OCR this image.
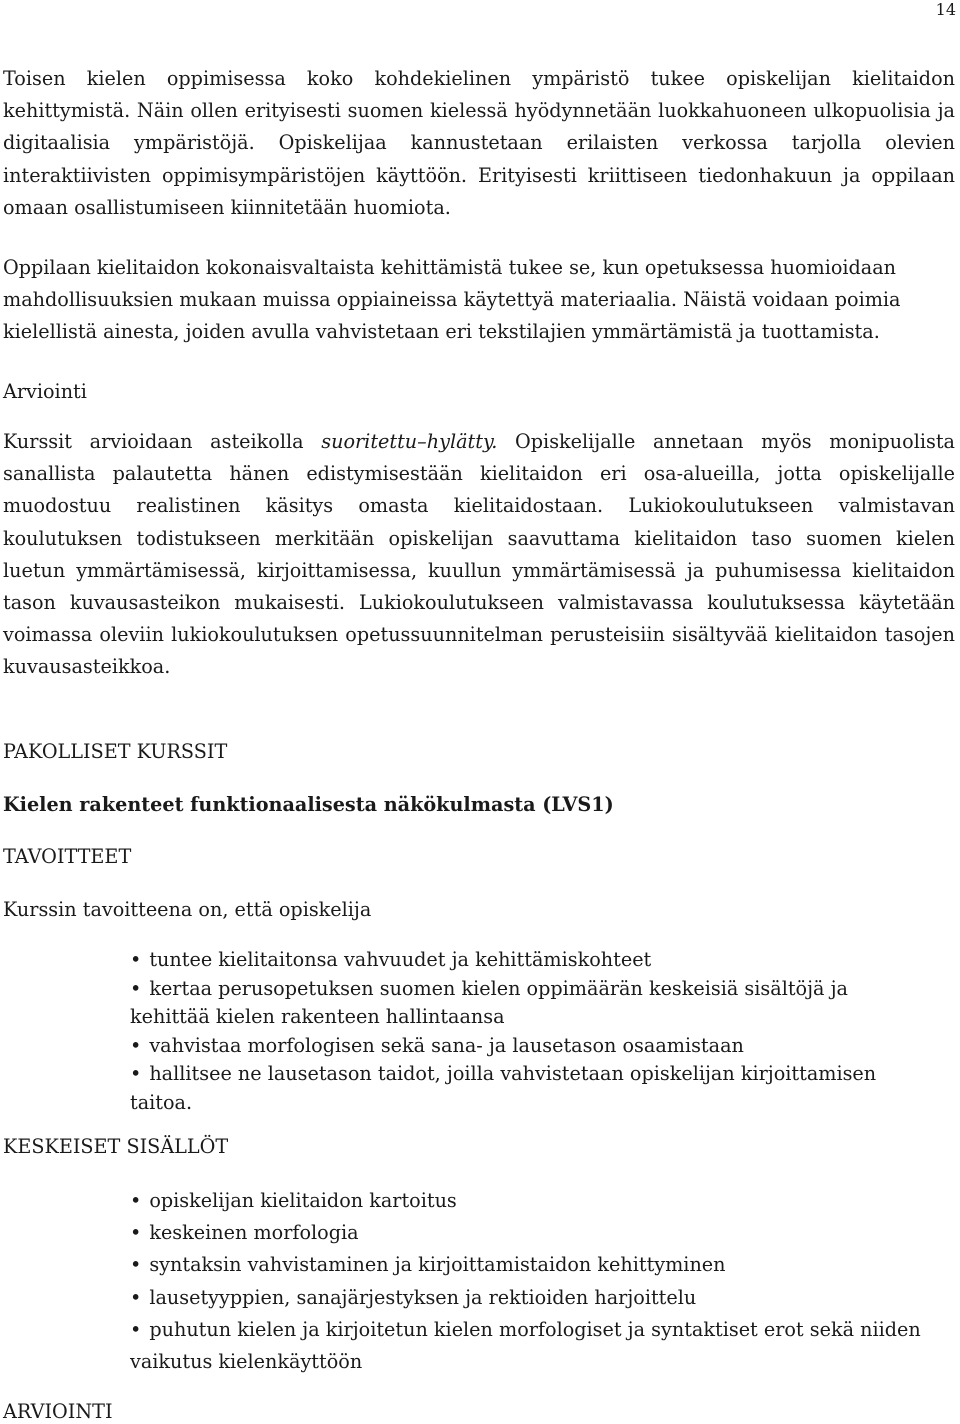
14
Toisen kielen oppimisessa koko kohdekielinen ympäristö tukee opiskelijan kielitaidon kehittymistä. Näin ollen erityisesti suomen kielessä hyödynnetään luokkahuoneen ulkopuolisia ja digitaalisia ympäristöjä. Opiskelijaa kannustetaan erilaisten verkossa tarjolla olevien interaktiivisten oppimisympäristöjen käyttöön. Erityisesti kriittiseen tiedonhakuun ja oppilaan omaan osallistumiseen kiinnitetään huomiota.
Oppilaan kielitaidon kokonaisvaltaista kehittämistä tukee se, kun opetuksessa huomioidaan mahdollisuuksien mukaan muissa oppiaineissa käytettyä materiaalia. Näistä voidaan poimia kielellistä ainesta, joiden avulla vahvistetaan eri tekstilajien ymmärtämistä ja tuottamista.
Arviointi
Kurssit arvioidaan asteikolla suoritettu–hylätty. Opiskelijalle annetaan myös monipuolista sanallista palautetta hänen edistymisestään kielitaidon eri osa-alueilla, jotta opiskelijalle muodostuu realistinen käsitys omasta kielitaidostaan. Lukiokoulutukseen valmistavan koulutuksen todistukseen merkitään opiskelijan saavuttama kielitaidon taso suomen kielen luetun ymmärtämisessä, kirjoittamisessa, kuullun ymmärtämisessä ja puhumisessa kielitaidon tason kuvausasteikon mukaisesti. Lukiokoulutukseen valmistavassa koulutuksessa käytetään voimassa oleviin lukiokoulutuksen opetussuunnitelman perusteisiin sisältyvää kielitaidon tasojen kuvausasteikkoa.
PAKOLLISET KURSSIT
Kielen rakenteet funktionaalisesta näkökulmasta (LVS1)
TAVOITTEET
Kurssin tavoitteena on, että opiskelija
• tuntee kielitaitonsa vahvuudet ja kehittämiskohteet
• kertaa perusopetuksen suomen kielen oppimäärän keskeisiä sisältöjä ja kehittää kielen rakenteen hallintaansa
• vahvistaa morfologisen sekä sana- ja lausetason osaamistaan
• hallitsee ne lausetason taidot, joilla vahvistetaan opiskelijan kirjoittamisen taitoa.
KESKEISET SISÄLLÖT
• opiskelijan kielitaidon kartoitus
• keskeinen morfologia
• syntaksin vahvistaminen ja kirjoittamistaidon kehittyminen
• lausetyyppien, sanajärjestyksen ja rektioiden harjoittelu
• puhutun kielen ja kirjoitetun kielen morfologiset ja syntaktiset erot sekä niiden vaikutus kielenkäyttöön
ARVIOINTI
